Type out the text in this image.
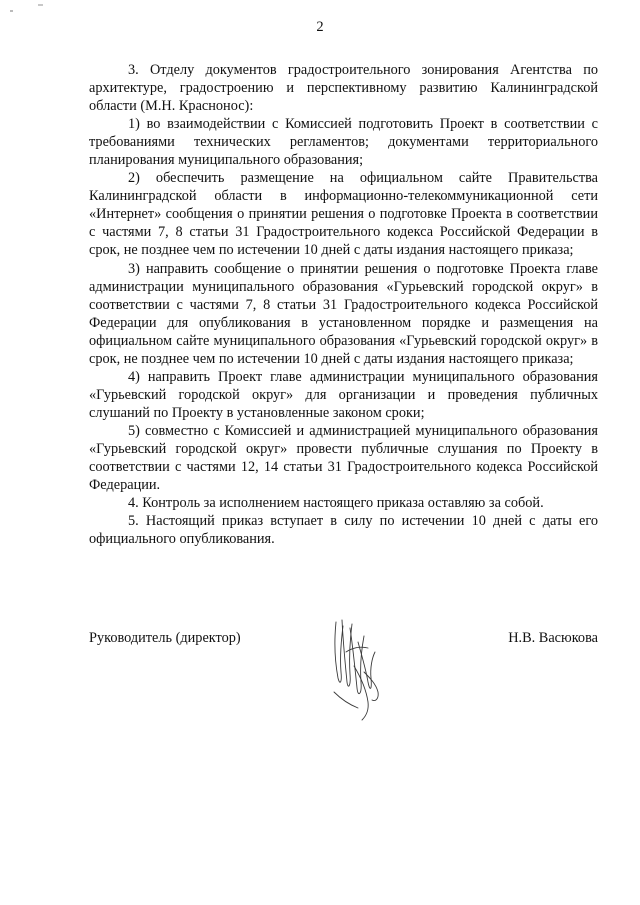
2

3. Отделу документов градостроительного зонирования Агентства по архитектуре, градостроению и перспективному развитию Калининградской области (М.Н. Краснонос):

1) во взаимодействии с Комиссией подготовить Проект в соответствии с требованиями технических регламентов; документами территориального планирования муниципального образования;

2) обеспечить размещение на официальном сайте Правительства Калининградской области в информационно-телекоммуникационной сети «Интернет» сообщения о принятии решения о подготовке Проекта в соответствии с частями 7, 8 статьи 31 Градостроительного кодекса Российской Федерации в срок, не позднее чем по истечении 10 дней с даты издания настоящего приказа;

3) направить сообщение о принятии решения о подготовке Проекта главе администрации муниципального образования «Гурьевский городской округ» в соответствии с частями 7, 8 статьи 31 Градостроительного кодекса Российской Федерации для опубликования в установленном порядке и размещения на официальном сайте муниципального образования «Гурьевский городской округ» в срок, не позднее чем по истечении 10 дней с даты издания настоящего приказа;

4) направить Проект главе администрации муниципального образования «Гурьевский городской округ» для организации и проведения публичных слушаний по Проекту в установленные законом сроки;

5) совместно с Комиссией и администрацией муниципального образования «Гурьевский городской округ» провести публичные слушания по Проекту в соответствии с частями 12, 14 статьи 31 Градостроительного кодекса Российской Федерации.

4. Контроль за исполнением настоящего приказа оставляю за собой.

5. Настоящий приказ вступает в силу по истечении 10 дней с даты его официального опубликования.

Руководитель (директор)	Н.В. Васюкова
